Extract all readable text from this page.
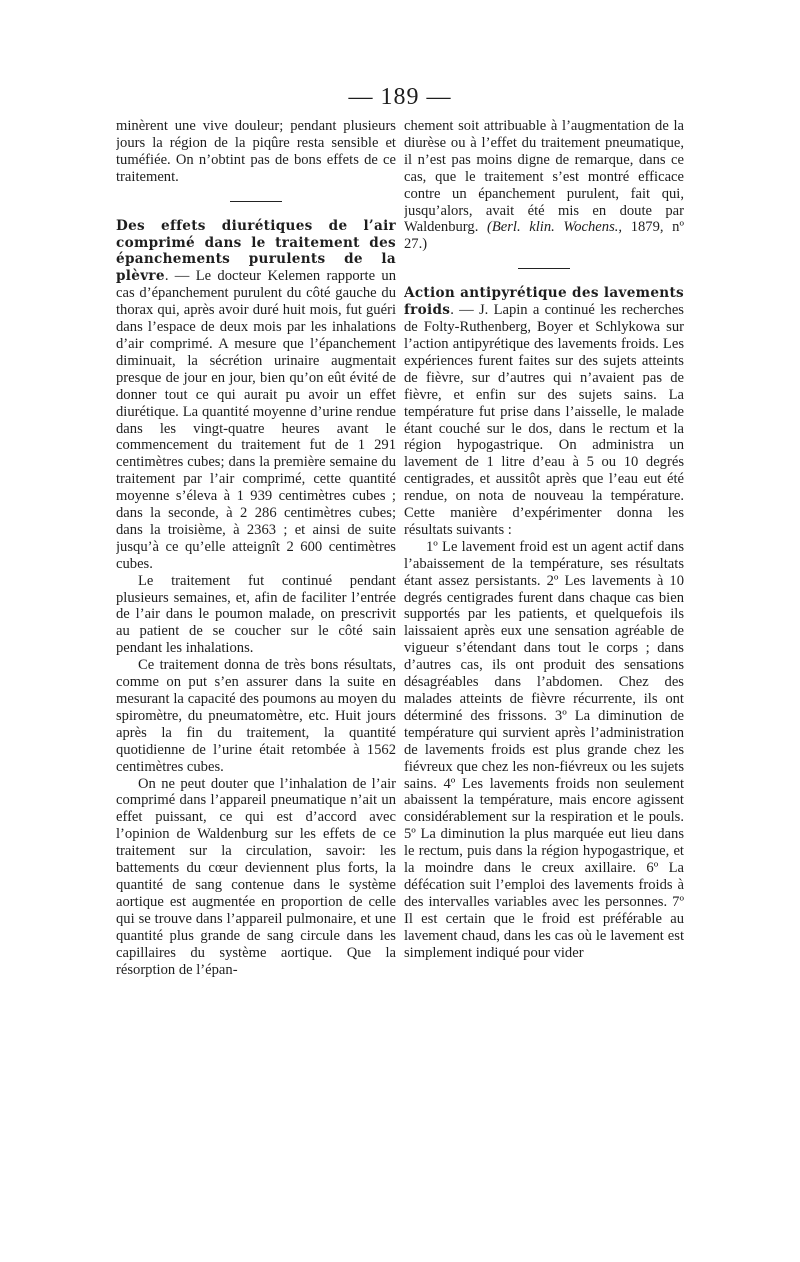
— 189 —

minèrent une vive douleur; pendant plusieurs jours la région de la piqûre resta sensible et tuméfiée. On n’obtint pas de bons effets de ce traitement.

Des effets diurétiques de l’air comprimé dans le traitement des épanchements purulents de la plèvre. — Le docteur Kelemen rapporte un cas d’épanchement purulent du côté gauche du thorax qui, après avoir duré huit mois, fut guéri dans l’espace de deux mois par les inhalations d’air comprimé. A mesure que l’épanchement diminuait, la sécrétion urinaire augmentait presque de jour en jour, bien qu’on eût évité de donner tout ce qui aurait pu avoir un effet diurétique. La quantité moyenne d’urine rendue dans les vingt-quatre heures avant le commencement du traitement fut de 1 291 centimètres cubes; dans la première semaine du traitement par l’air comprimé, cette quantité moyenne s’éleva à 1 939 centimètres cubes ; dans la seconde, à 2 286 centimètres cubes; dans la troisième, à 2363 ; et ainsi de suite jusqu’à ce qu’elle atteignît 2 600 centimètres cubes.

Le traitement fut continué pendant plusieurs semaines, et, afin de faciliter l’entrée de l’air dans le poumon malade, on prescrivit au patient de se coucher sur le côté sain pendant les inhalations.

Ce traitement donna de très bons résultats, comme on put s’en assurer dans la suite en mesurant la capacité des poumons au moyen du spiromètre, du pneumatomètre, etc. Huit jours après la fin du traitement, la quantité quotidienne de l’urine était retombée à 1562 centimètres cubes.

On ne peut douter que l’inhalation de l’air comprimé dans l’appareil pneumatique n’ait un effet puissant, ce qui est d’accord avec l’opinion de Waldenburg sur les effets de ce traitement sur la circulation, savoir: les battements du cœur deviennent plus forts, la quantité de sang contenue dans le système aortique est augmentée en proportion de celle qui se trouve dans l’appareil pulmonaire, et une quantité plus grande de sang circule dans les capillaires du système aortique. Que la résorption de l’épan-

chement soit attribuable à l’augmentation de la diurèse ou à l’effet du traitement pneumatique, il n’est pas moins digne de remarque, dans ce cas, que le traitement s’est montré efficace contre un épanchement purulent, fait qui, jusqu’alors, avait été mis en doute par Waldenburg. (Berl. klin. Wochens., 1879, nº 27.)

Action antipyrétique des lavements froids. — J. Lapin a continué les recherches de Folty-Ruthenberg, Boyer et Schlykowa sur l’action antipyrétique des lavements froids. Les expériences furent faites sur des sujets atteints de fièvre, sur d’autres qui n’avaient pas de fièvre, et enfin sur des sujets sains. La température fut prise dans l’aisselle, le malade étant couché sur le dos, dans le rectum et la région hypogastrique. On administra un lavement de 1 litre d’eau à 5 ou 10 degrés centigrades, et aussitôt après que l’eau eut été rendue, on nota de nouveau la température. Cette manière d’expérimenter donna les résultats suivants :

1º Le lavement froid est un agent actif dans l’abaissement de la température, ses résultats étant assez persistants. 2º Les lavements à 10 degrés centigrades furent dans chaque cas bien supportés par les patients, et quelquefois ils laissaient après eux une sensation agréable de vigueur s’étendant dans tout le corps ; dans d’autres cas, ils ont produit des sensations désagréables dans l’abdomen. Chez des malades atteints de fièvre récurrente, ils ont déterminé des frissons. 3º La diminution de température qui survient après l’administration de lavements froids est plus grande chez les fiévreux que chez les non-fiévreux ou les sujets sains. 4º Les lavements froids non seulement abaissent la température, mais encore agissent considérablement sur la respiration et le pouls. 5º La diminution la plus marquée eut lieu dans le rectum, puis dans la région hypogastrique, et la moindre dans le creux axillaire. 6º La défécation suit l’emploi des lavements froids à des intervalles variables avec les personnes. 7º Il est certain que le froid est préférable au lavement chaud, dans les cas où le lavement est simplement indiqué pour vider
